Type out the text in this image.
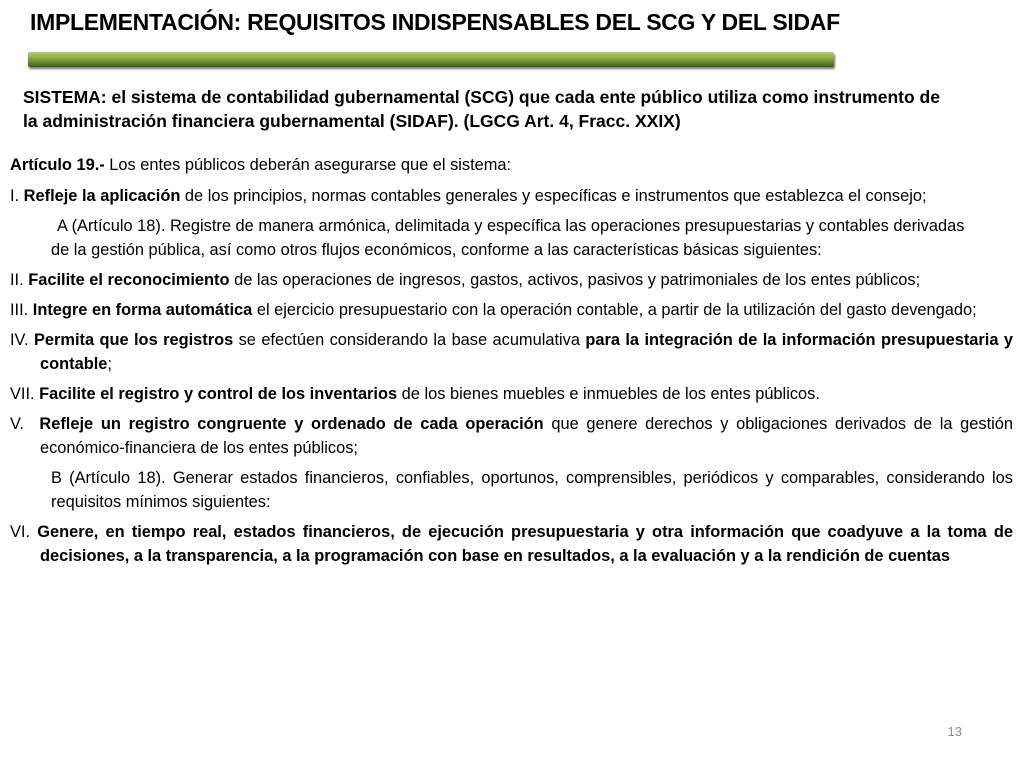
IMPLEMENTACIÓN: REQUISITOS INDISPENSABLES DEL SCG Y DEL SIDAF
SISTEMA: el sistema de contabilidad gubernamental (SCG) que cada ente público utiliza como instrumento de la administración financiera gubernamental (SIDAF). (LGCG Art. 4, Fracc. XXIX)

Artículo 19.- Los entes públicos deberán asegurarse que el sistema:

I. Refleje la aplicación de los principios, normas contables generales y específicas e instrumentos que establezca el consejo;

A (Artículo 18). Registre de manera armónica, delimitada y específica las operaciones presupuestarias y contables derivadas de la gestión pública, así como otros flujos económicos, conforme a las características básicas siguientes:

II. Facilite el reconocimiento de las operaciones de ingresos, gastos, activos, pasivos y patrimoniales de los entes públicos;

III. Integre en forma automática el ejercicio presupuestario con la operación contable, a partir de la utilización del gasto devengado;

IV. Permita que los registros se efectúen considerando la base acumulativa para la integración de la información presupuestaria y contable;

VII. Facilite el registro y control de los inventarios de los bienes muebles e inmuebles de los entes públicos.

V.  Refleje un registro congruente y ordenado de cada operación que genere derechos y obligaciones derivados de la gestión económico-financiera de los entes públicos;

B (Artículo 18). Generar estados financieros, confiables, oportunos, comprensibles, periódicos y comparables, considerando los requisitos mínimos siguientes:

VI. Genere, en tiempo real, estados financieros, de ejecución presupuestaria y otra información que coadyuve a la toma de decisiones, a la transparencia, a la programación con base en resultados, a la evaluación y a la rendición de cuentas

13
